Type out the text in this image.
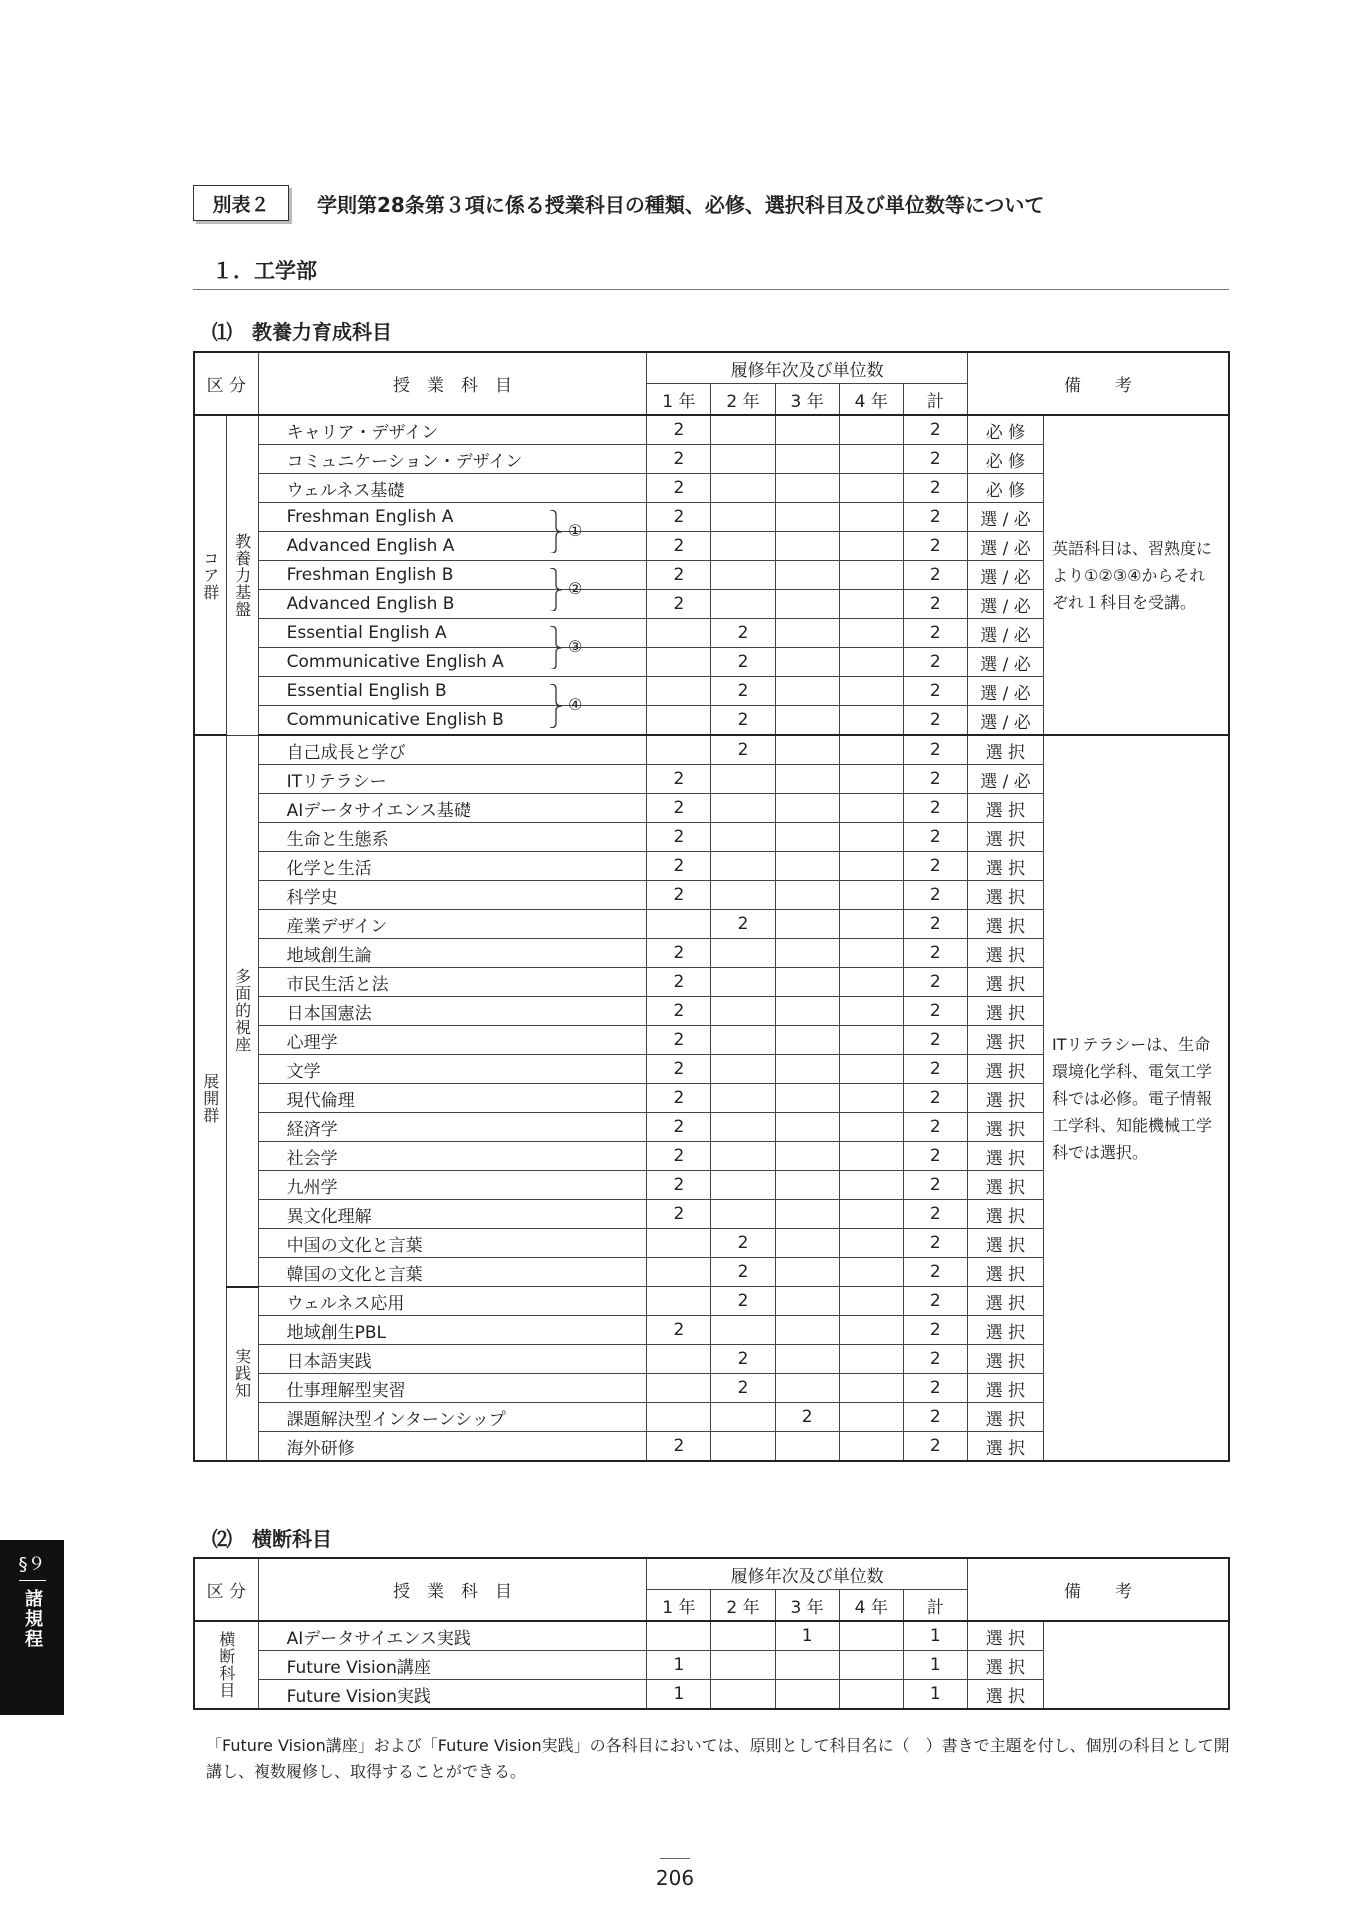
別表２	学則第28条第３項に係る授業科目の種類、必修、選択科目及び単位数等について
１．工学部
⑴　教養力育成科目
区 分		授　業　科　目	履修年次及び単位数					備　　考	
			1 年	2 年	3 年	4 年	計		
コア群	教養力基盤	キャリア・デザイン	2				2	必 修	英語科目は、習熟度により①②③④からそれぞれ１科目を受講。
		コミュニケーション・デザイン	2				2	必 修	
		ウェルネス基礎	2				2	必 修	
		Freshman English A	2				2	選 / 必	
		Advanced English A	2				2	選 / 必	
		Freshman English B	2				2	選 / 必	
		Advanced English B	2				2	選 / 必	
		Essential English A		2			2	選 / 必	
		Communicative English A		2			2	選 / 必	
		Essential English B		2			2	選 / 必	
		Communicative English B		2			2	選 / 必	
展開群	多面的視座	自己成長と学び		2			2	選 択	ITリテラシーは、生命環境化学科、電気工学科では必修。電子情報工学科、知能機械工学科では選択。
		ITリテラシー	2				2	選 / 必	
		AIデータサイエンス基礎	2				2	選 択	
		生命と生態系	2				2	選 択	
		化学と生活	2				2	選 択	
		科学史	2				2	選 択	
		産業デザイン		2			2	選 択	
		地域創生論	2				2	選 択	
		市民生活と法	2				2	選 択	
		日本国憲法	2				2	選 択	
		心理学	2				2	選 択	
		文学	2				2	選 択	
		現代倫理	2				2	選 択	
		経済学	2				2	選 択	
		社会学	2				2	選 択	
		九州学	2				2	選 択	
		異文化理解	2				2	選 択	
		中国の文化と言葉		2			2	選 択	
		韓国の文化と言葉		2			2	選 択	
	実践知	ウェルネス応用		2			2	選 択	
		地域創生PBL	2				2	選 択	
		日本語実践		2			2	選 択	
		仕事理解型実習		2			2	選 択	
		課題解決型インターンシップ			2		2	選 択	
		海外研修	2				2	選 択	
①
②
③
④
⑵　横断科目
区 分	授　業　科　目	履修年次及び単位数					備　　考	
		1 年	2 年	3 年	4 年	計		
横断科目	AIデータサイエンス実践			1		1	選 択	
	Future Vision講座	1				1	選 択	
	Future Vision実践	1				1	選 択	
「Future Vision講座」および「Future Vision実践」の各科目においては、原則として科目名に（　）書きで主題を付し、個別の科目として開講し、複数履修し、取得することができる。
§９
諸規程
206
